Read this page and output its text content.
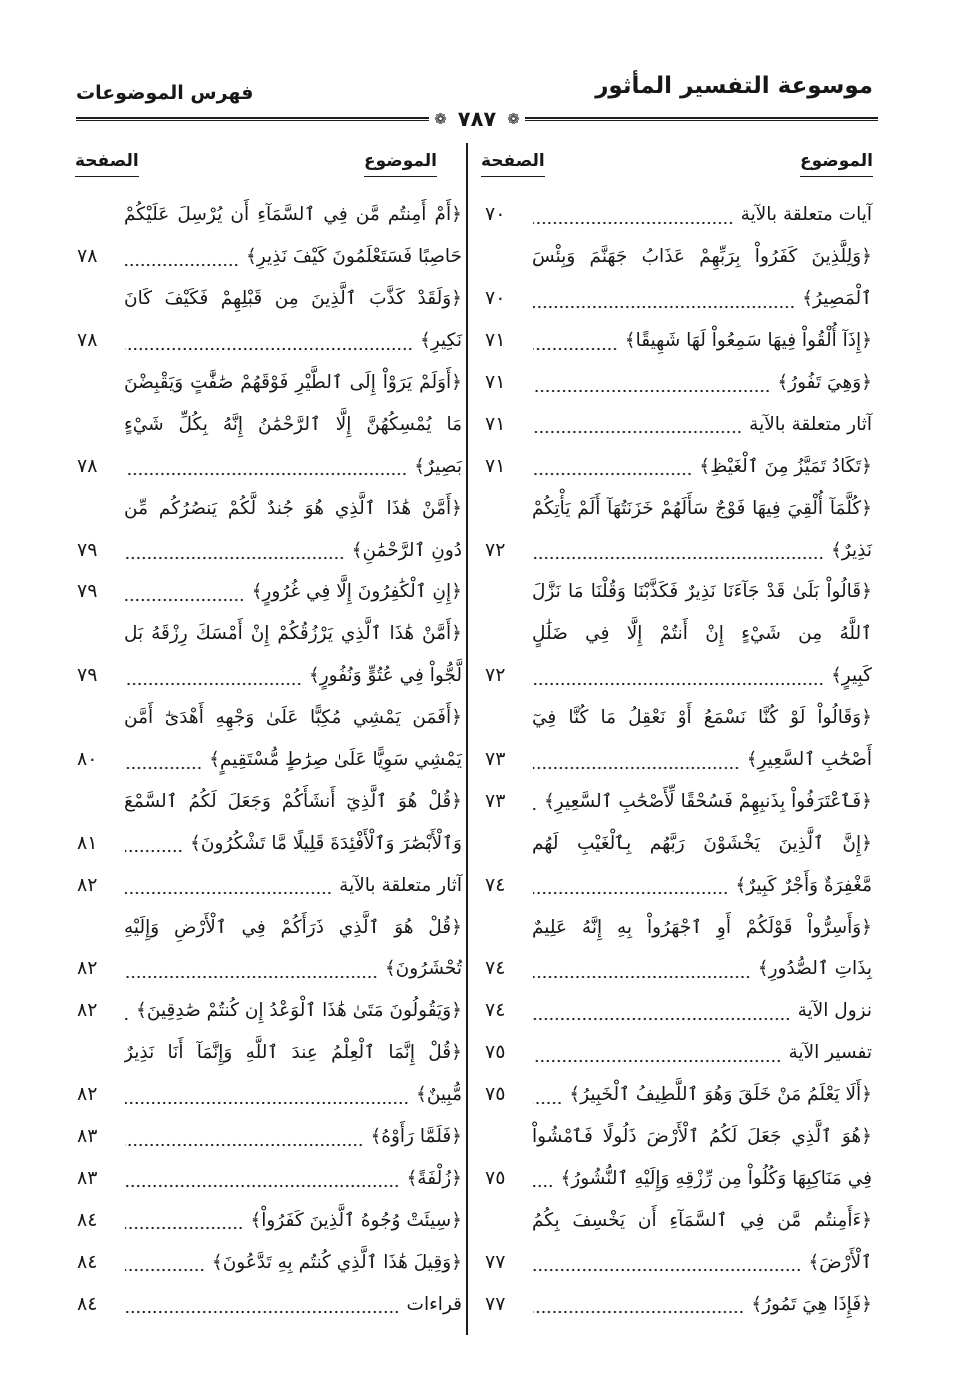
موسوعة التفسير المأثور
فهرس الموضوعات
❁ ٧٨٧ ❁
الموضوع
الصفحة
الموضوع
الصفحة
آيات متعلقة بالآية
٧٠
﴿وَلِلَّذِينَ كَفَرُواْ بِرَبِّهِمْ عَذَابُ جَهَنَّمَ وَبِئْسَ
ٱلْمَصِيرُ﴾
٧٠
﴿إِذَآ أُلْقُواْ فِيهَا سَمِعُواْ لَهَا شَهِيقًا﴾
٧١
﴿وَهِيَ تَفُورُ﴾
٧١
آثار متعلقة بالآية
٧١
﴿تَكَادُ تَمَيَّزُ مِنَ ٱلْغَيْظِ﴾
٧١
﴿كُلَّمَآ أُلْقِيَ فِيهَا فَوْجٌ سَأَلَهُمْ خَزَنَتُهَآ أَلَمْ يَأْتِكُمْ
نَذِيرٌ﴾
٧٢
﴿قَالُواْ بَلَىٰ قَدْ جَآءَنَا نَذِيرٌ فَكَذَّبْنَا وَقُلْنَا مَا نَزَّلَ
ٱللَّهُ مِن شَيْءٍ إِنْ أَنتُمْ إِلَّا فِي ضَلَٰلٍ
كَبِيرٍ﴾
٧٢
﴿وَقَالُواْ لَوْ كُنَّا نَسْمَعُ أَوْ نَعْقِلُ مَا كُنَّا فِيٓ
أَصْحَٰبِ ٱلسَّعِيرِ﴾
٧٣
﴿فَٱعْتَرَفُواْ بِذَنبِهِمْ فَسُحْقًا لِّأَصْحَٰبِ ٱلسَّعِيرِ﴾
٧٣
﴿إِنَّ ٱلَّذِينَ يَخْشَوْنَ رَبَّهُم بِٱلْغَيْبِ لَهُم
مَّغْفِرَةٌ وَأَجْرٌ كَبِيرٌ﴾
٧٤
﴿وَأَسِرُّواْ قَوْلَكُمْ أَوِ ٱجْهَرُواْ بِهِ إِنَّهُ عَلِيمٌ
بِذَاتِ ٱلصُّدُورِ﴾
٧٤
نزول الآية
٧٤
تفسير الآية
٧٥
﴿أَلَا يَعْلَمُ مَنْ خَلَقَ وَهُوَ ٱللَّطِيفُ ٱلْخَبِيرُ﴾
٧٥
﴿هُوَ ٱلَّذِي جَعَلَ لَكُمُ ٱلْأَرْضَ ذَلُولًا فَٱمْشُواْ
فِي مَنَاكِبِهَا وَكُلُواْ مِن رِّزْقِهِ وَإِلَيْهِ ٱلنُّشُورُ﴾
٧٥
﴿ءَأَمِنتُم مَّن فِي ٱلسَّمَآءِ أَن يَخْسِفَ بِكُمُ
ٱلْأَرْضَ﴾
٧٧
﴿فَإِذَا هِيَ تَمُورُ﴾
٧٧
﴿أَمْ أَمِنتُم مَّن فِي ٱلسَّمَآءِ أَن يُرْسِلَ عَلَيْكُمْ
حَاصِبًا فَسَتَعْلَمُونَ كَيْفَ نَذِيرِ﴾
٧٨
﴿وَلَقَدْ كَذَّبَ ٱلَّذِينَ مِن قَبْلِهِمْ فَكَيْفَ كَانَ
نَكِيرِ﴾
٧٨
﴿أَوَلَمْ يَرَوْاْ إِلَى ٱلطَّيْرِ فَوْقَهُمْ صَٰفَّٰتٍ وَيَقْبِضْنَ
مَا يُمْسِكُهُنَّ إِلَّا ٱلرَّحْمَٰنُ إِنَّهُ بِكُلِّ شَيْءٍ
بَصِيرٌ﴾
٧٨
﴿أَمَّنْ هَٰذَا ٱلَّذِي هُوَ جُندٌ لَّكُمْ يَنصُرُكُم مِّن
دُونِ ٱلرَّحْمَٰنِ﴾
٧٩
﴿إِنِ ٱلْكَٰفِرُونَ إِلَّا فِي غُرُورٍ﴾
٧٩
﴿أَمَّنْ هَٰذَا ٱلَّذِي يَرْزُقُكُمْ إِنْ أَمْسَكَ رِزْقَهُ بَل
لَّجُّواْ فِي عُتُوٍّ وَنُفُورٍ﴾
٧٩
﴿أَفَمَن يَمْشِي مُكِبًّا عَلَىٰ وَجْهِهِ أَهْدَىٰٓ أَمَّن
يَمْشِي سَوِيًّا عَلَىٰ صِرَٰطٍ مُّسْتَقِيمٍ﴾
٨٠
﴿قُلْ هُوَ ٱلَّذِيٓ أَنشَأَكُمْ وَجَعَلَ لَكُمُ ٱلسَّمْعَ
وَٱلْأَبْصَٰرَ وَٱلْأَفْئِدَةَ قَلِيلًا مَّا تَشْكُرُونَ﴾
٨١
آثار متعلقة بالآية
٨٢
﴿قُلْ هُوَ ٱلَّذِي ذَرَأَكُمْ فِي ٱلْأَرْضِ وَإِلَيْهِ
تُحْشَرُونَ﴾
٨٢
﴿وَيَقُولُونَ مَتَىٰ هَٰذَا ٱلْوَعْدُ إِن كُنتُمْ صَٰدِقِينَ﴾
٨٢
﴿قُلْ إِنَّمَا ٱلْعِلْمُ عِندَ ٱللَّهِ وَإِنَّمَآ أَنَا نَذِيرٌ
مُّبِينٌ﴾
٨٢
﴿فَلَمَّا رَأَوْهُ﴾
٨٣
﴿زُلْفَةً﴾
٨٣
﴿سِيئَتْ وُجُوهُ ٱلَّذِينَ كَفَرُواْ﴾
٨٤
﴿وَقِيلَ هَٰذَا ٱلَّذِي كُنتُم بِهِ تَدَّعُونَ﴾
٨٤
قراءات
٨٤
